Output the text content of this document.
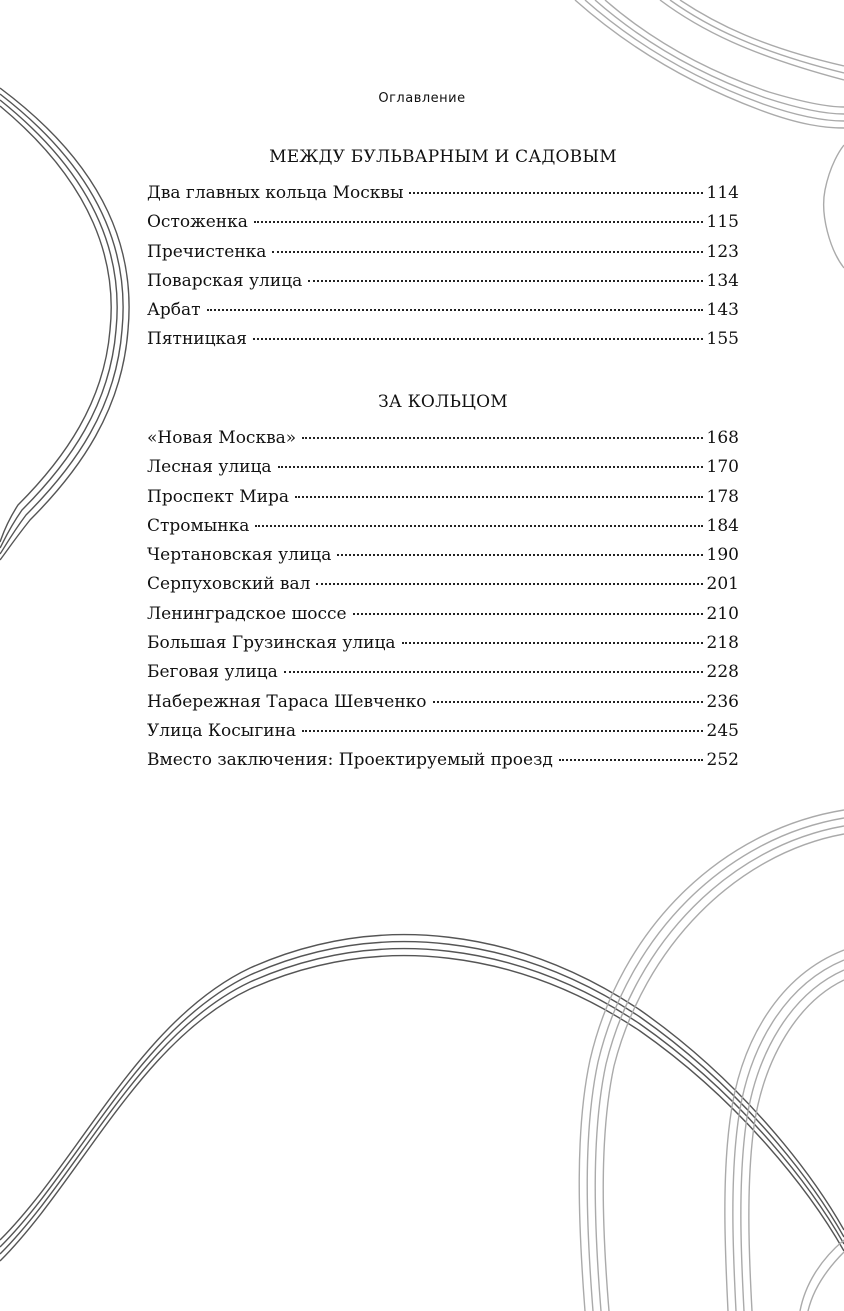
Оглавление
МЕЖДУ БУЛЬВАРНЫМ И САДОВЫМ
Два главных кольца Москвы	114
Остоженка	115
Пречистенка	123
Поварская улица	134
Арбат	143
Пятницкая	155
ЗА КОЛЬЦОМ
«Новая Москва»	168
Лесная улица	170
Проспект Мира	178
Стромынка	184
Чертановская улица	190
Серпуховский вал	201
Ленинградское шоссе	210
Большая Грузинская улица	218
Беговая улица	228
Набережная Тараса Шевченко	236
Улица Косыгина	245
Вместо заключения: Проектируемый проезд	252
